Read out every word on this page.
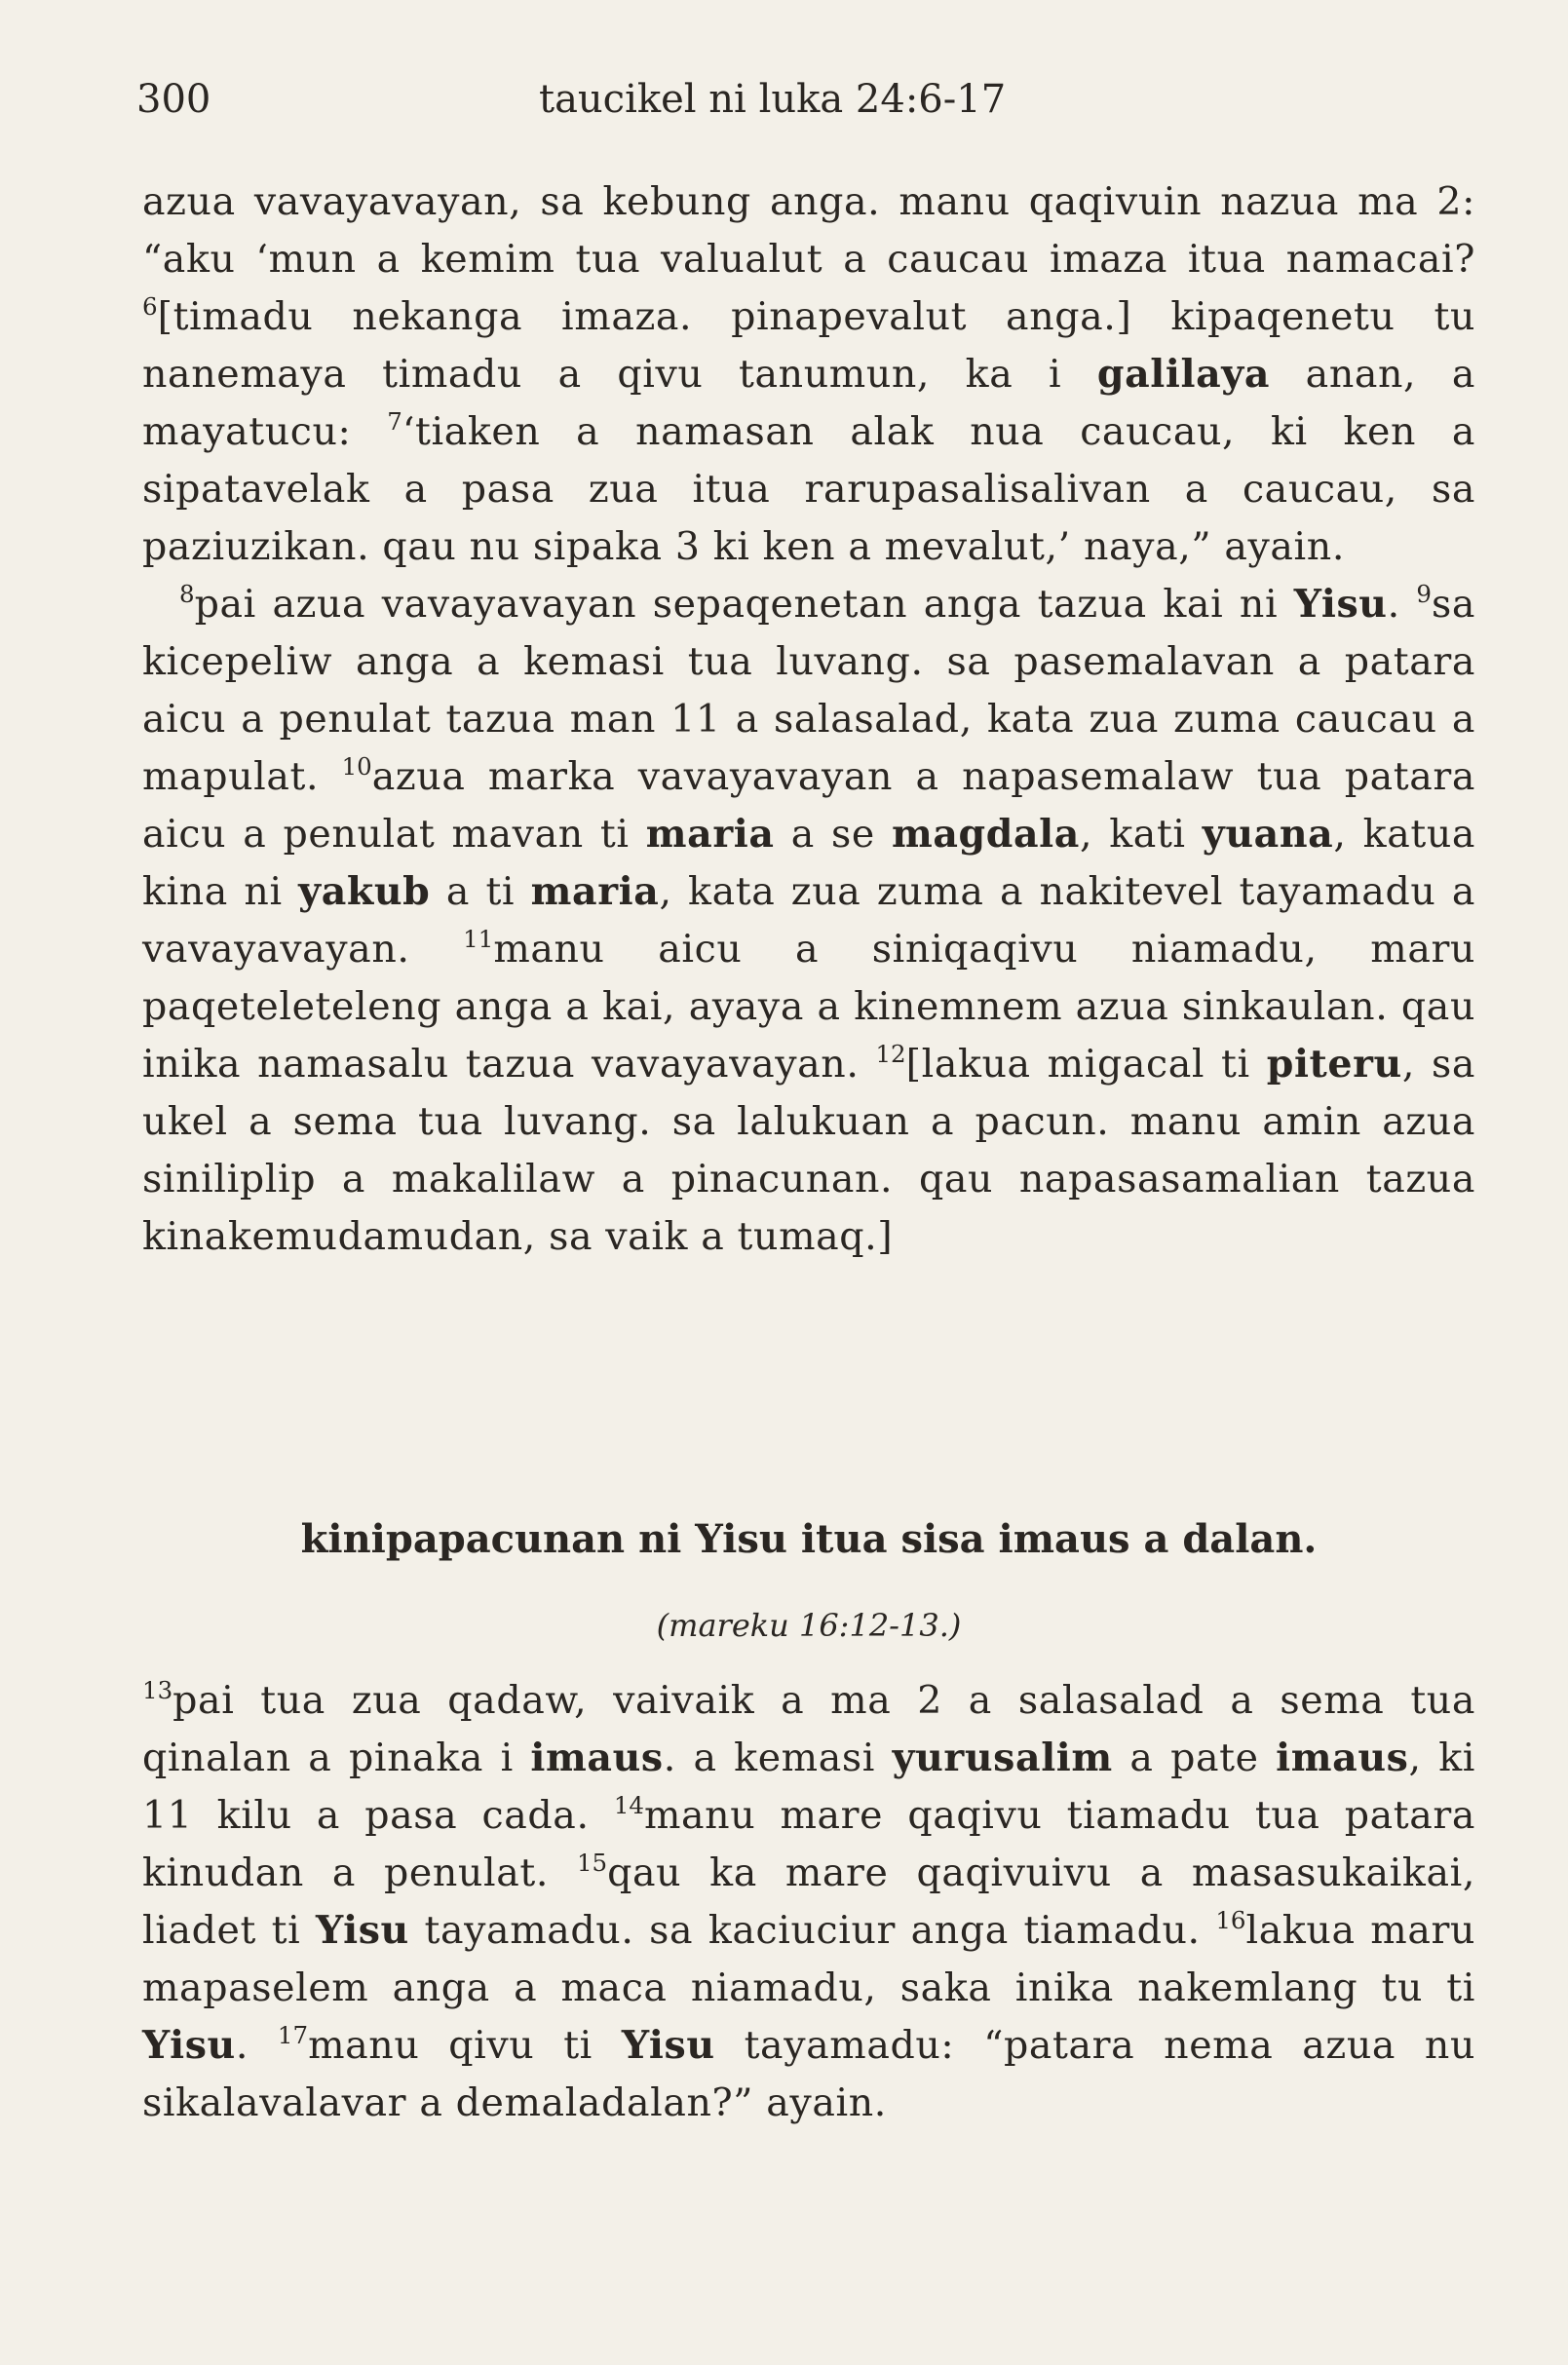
300	taucikel ni luka 24:6-17

azua vavayavayan, sa kebung anga. manu qaqivuin nazua ma 2: “aku ‘mun a kemim tua valualut a caucau imaza itua namacai? $^6$[timadu nekanga imaza. pinapevalut anga.] kipaqenetu tu nanemaya timadu a qivu tanumun, ka i galilaya anan, a mayatucu: $^7$‘tiaken a namasan alak nua caucau, ki ken a sipatavelak a pasa zua itua rarupasalisalivan a caucau, sa paziuzikan. qau nu sipaka 3 ki ken a mevalut,’ naya,” ayain.

$^8$pai azua vavayavayan sepaqenetan anga tazua kai ni Yisu. $^9$sa kicepeliw anga a kemasi tua luvang. sa pasemalavan a patara aicu a penulat tazua man 11 a salasalad, kata zua zuma caucau a mapulat. $^{10}$azua marka vavayavayan a napasemalaw tua patara aicu a penulat mavan ti maria a se magdala, kati yuana, katua kina ni yakub a ti maria, kata zua zuma a nakitevel tayamadu a vavayavayan. $^{11}$manu aicu a siniqaqivu niamadu, maru paqeteleteleng anga a kai, ayaya a kinemnem azua sinkaulan. qau inika namasalu tazua vavayavayan. $^{12}$[lakua migacal ti piteru, sa ukel a sema tua luvang. sa lalukuan a pacun. manu amin azua siniliplip a makalilaw a pinacunan. qau napasasamalian tazua kinakemudamudan, sa vaik a tumaq.]

kinipapacunan ni Yisu itua sisa imaus a dalan.
(mareku 16:12-13.)

$^{13}$pai tua zua qadaw, vaivaik a ma 2 a salasalad a sema tua qinalan a pinaka i imaus. a kemasi yurusalim a pate imaus, ki 11 kilu a pasa cada. $^{14}$manu mare qaqivu tiamadu tua patara kinudan a penulat. $^{15}$qau ka mare qaqivuivu a masasukaikai, liadet ti Yisu tayamadu. sa kaciuciur anga tiamadu. $^{16}$lakua maru mapaselem anga a maca niamadu, saka inika nakemlang tu ti Yisu. $^{17}$manu qivu ti Yisu tayamadu: “patara nema azua nu sikalavalavar a demaladalan?” ayain.
